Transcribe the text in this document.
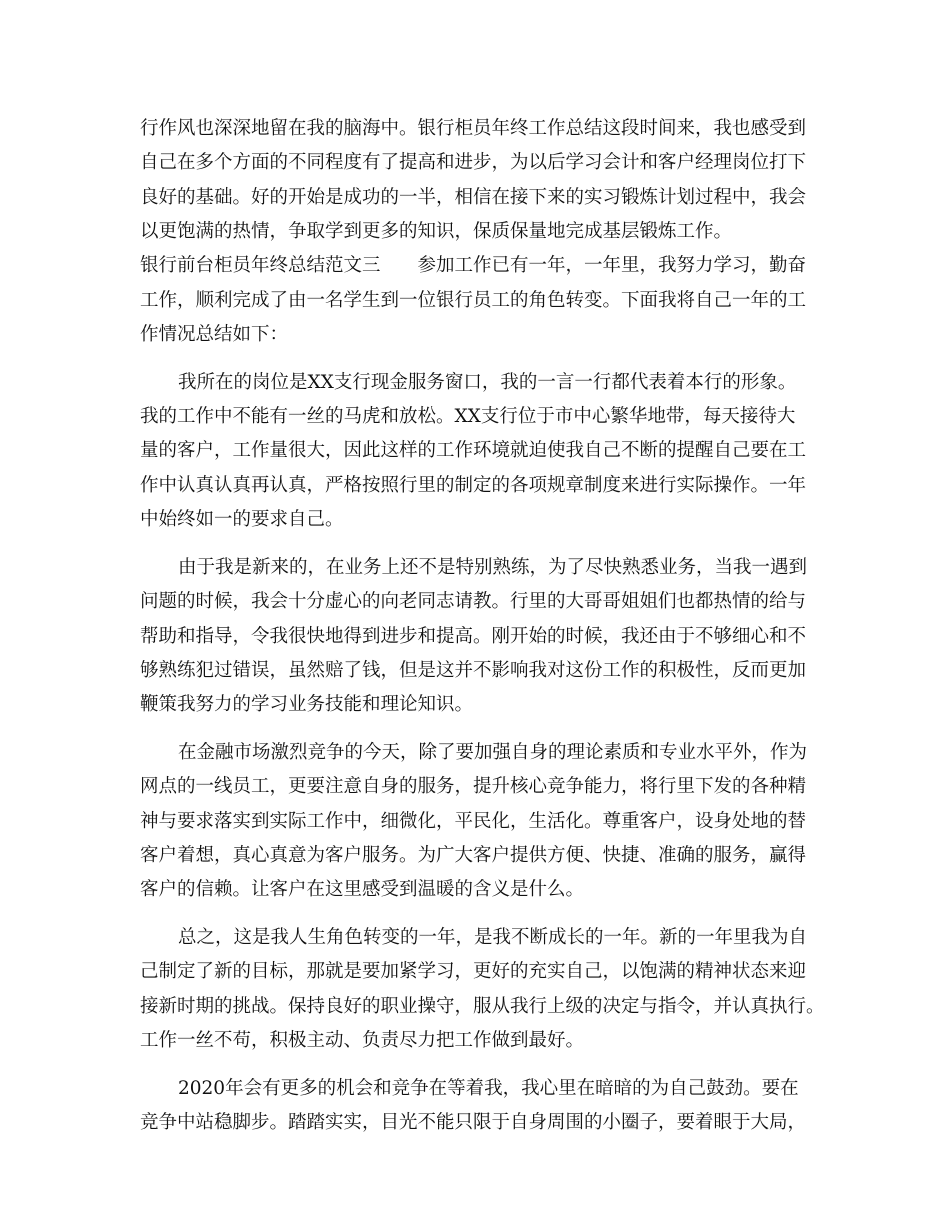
行作风也深深地留在我的脑海中。银行柜员年终工作总结这段时间来，我也感受到
自己在多个方面的不同程度有了提高和进步，为以后学习会计和客户经理岗位打下
良好的基础。好的开始是成功的一半，相信在接下来的实习锻炼计划过程中，我会
以更饱满的热情，争取学到更多的知识，保质保量地完成基层锻炼工作。
银行前台柜员年终总结范文三　　参加工作已有一年，一年里，我努力学习，勤奋
工作，顺利完成了由一名学生到一位银行员工的角色转变。下面我将自己一年的工
作情况总结如下：
我所在的岗位是XX支行现金服务窗口，我的一言一行都代表着本行的形象。
我的工作中不能有一丝的马虎和放松。XX支行位于市中心繁华地带，每天接待大
量的客户，工作量很大，因此这样的工作环境就迫使我自己不断的提醒自己要在工
作中认真认真再认真，严格按照行里的制定的各项规章制度来进行实际操作。一年
中始终如一的要求自己。
由于我是新来的，在业务上还不是特别熟练，为了尽快熟悉业务，当我一遇到
问题的时候，我会十分虚心的向老同志请教。行里的大哥哥姐姐们也都热情的给与
帮助和指导，令我很快地得到进步和提高。刚开始的时候，我还由于不够细心和不
够熟练犯过错误，虽然赔了钱，但是这并不影响我对这份工作的积极性，反而更加
鞭策我努力的学习业务技能和理论知识。
在金融市场激烈竞争的今天，除了要加强自身的理论素质和专业水平外，作为
网点的一线员工，更要注意自身的服务，提升核心竞争能力，将行里下发的各种精
神与要求落实到实际工作中，细微化，平民化，生活化。尊重客户，设身处地的替
客户着想，真心真意为客户服务。为广大客户提供方便、快捷、准确的服务，赢得
客户的信赖。让客户在这里感受到温暖的含义是什么。
总之，这是我人生角色转变的一年，是我不断成长的一年。新的一年里我为自
己制定了新的目标，那就是要加紧学习，更好的充实自己，以饱满的精神状态来迎
接新时期的挑战。保持良好的职业操守，服从我行上级的决定与指令，并认真执行。
工作一丝不苟，积极主动、负责尽力把工作做到最好。
2020年会有更多的机会和竞争在等着我，我心里在暗暗的为自己鼓劲。要在
竞争中站稳脚步。踏踏实实，目光不能只限于自身周围的小圈子，要着眼于大局，
